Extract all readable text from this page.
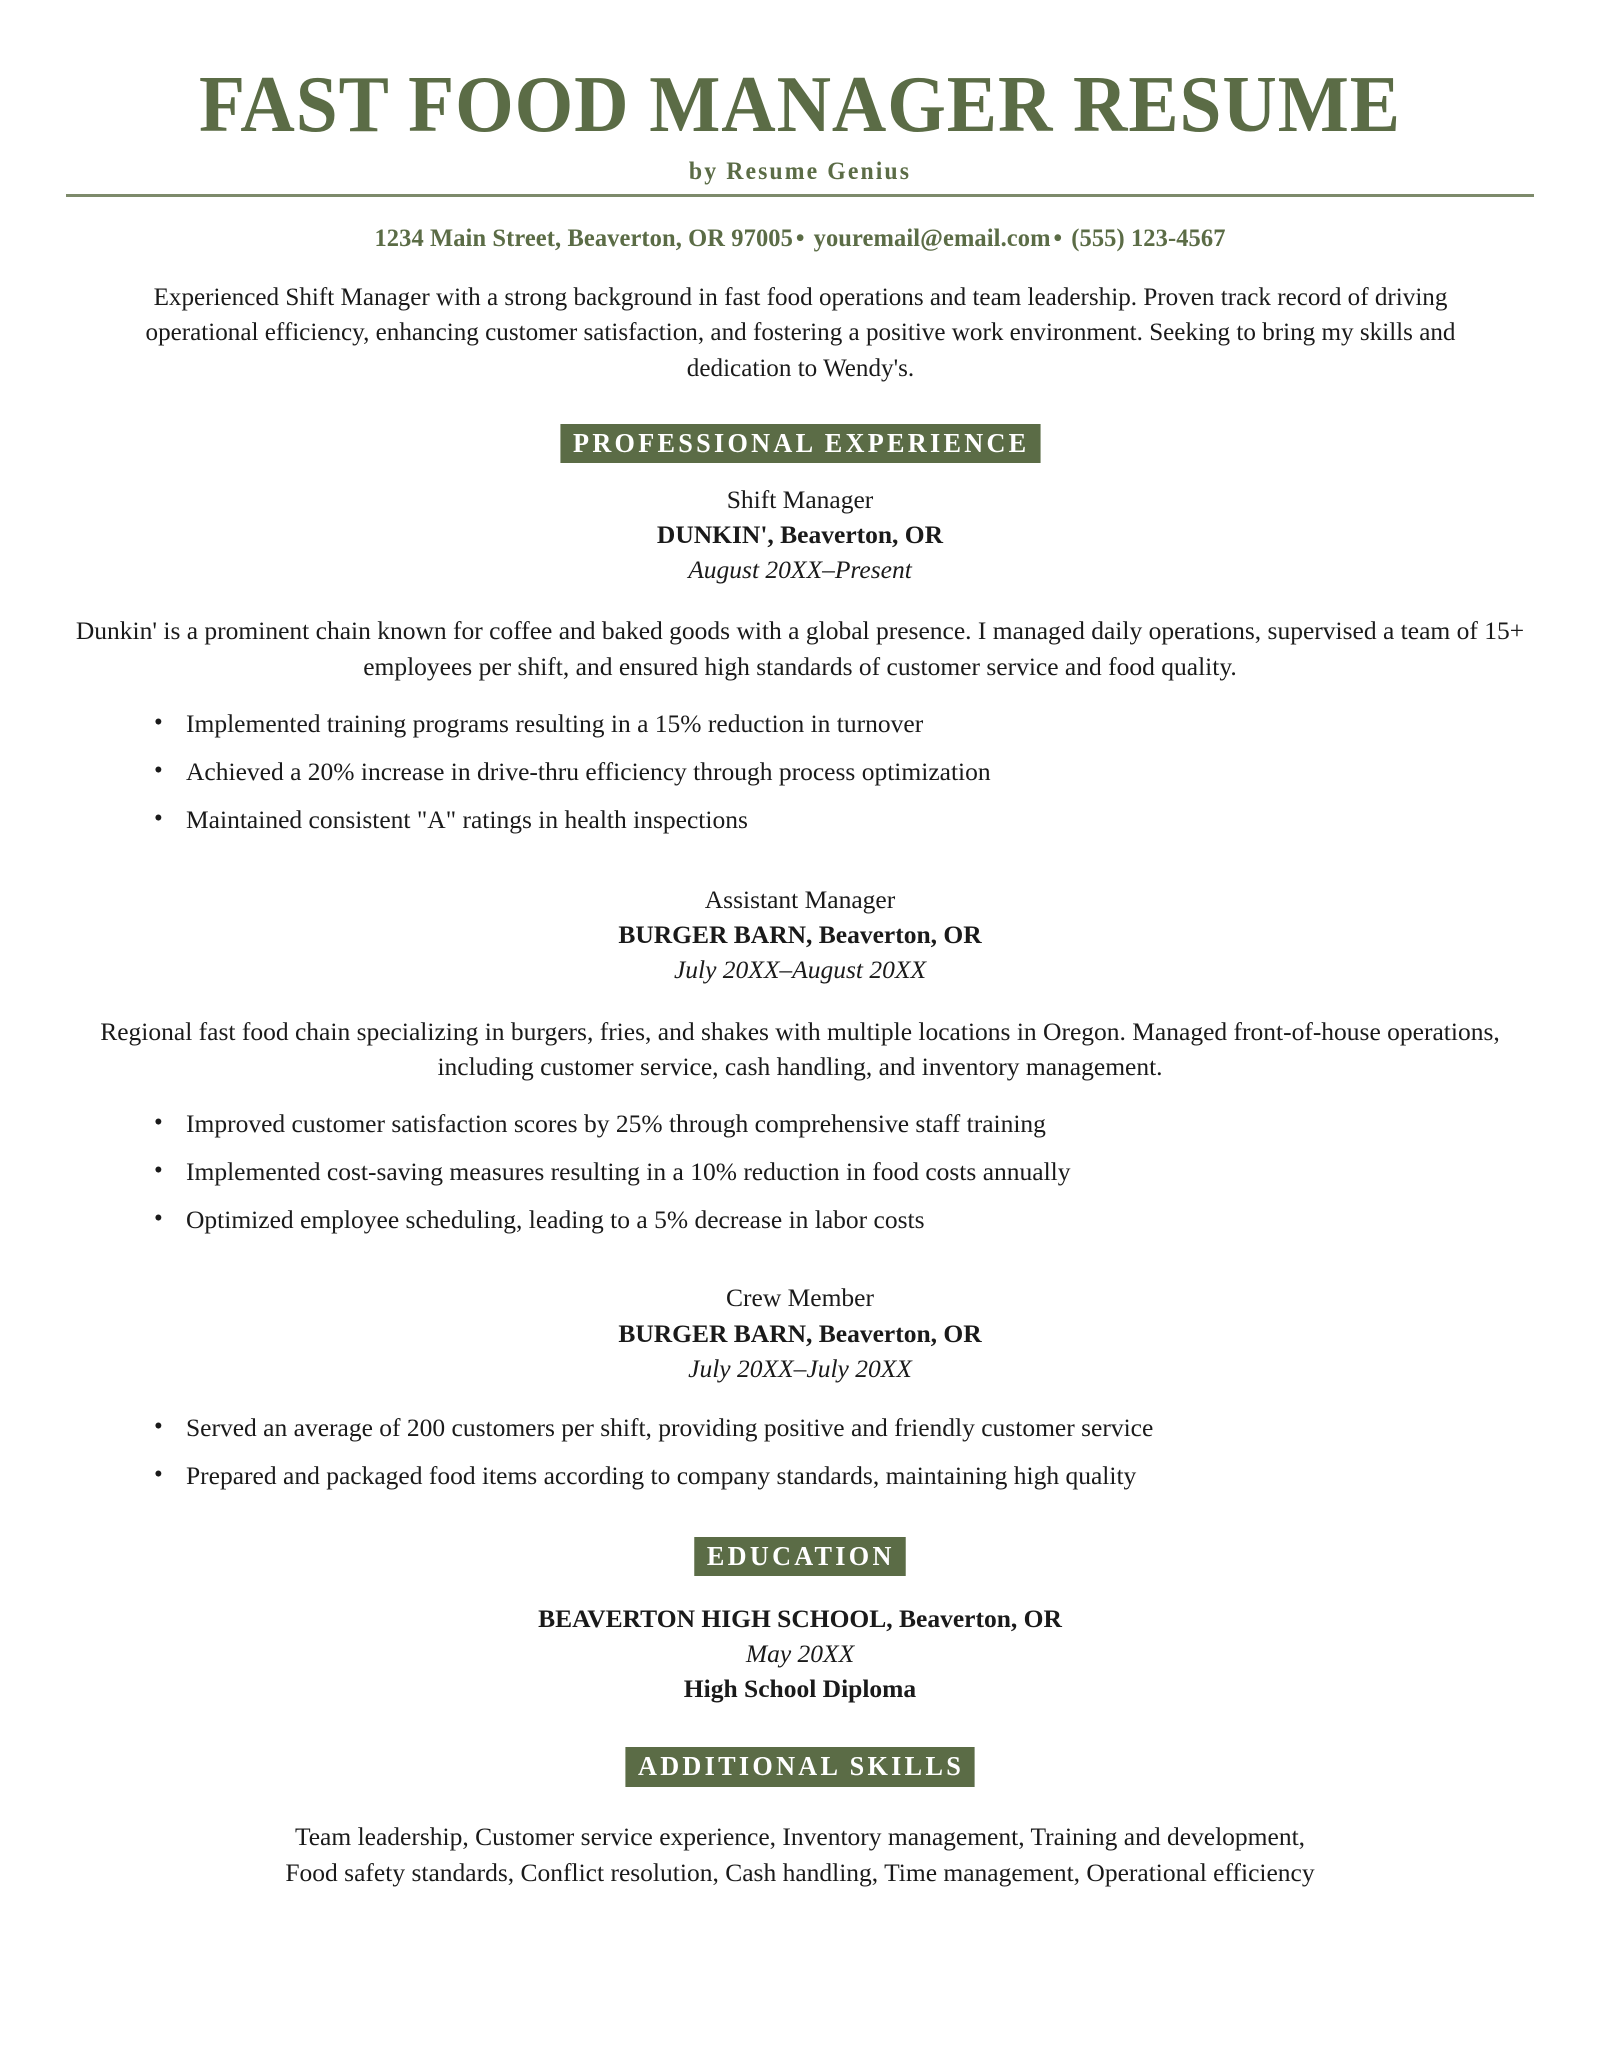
FAST FOOD MANAGER RESUME
by Resume Genius
1234 Main Street, Beaverton, OR 97005 • youremail@email.com • (555) 123-4567
Experienced Shift Manager with a strong background in fast food operations and team leadership. Proven track record of driving operational efficiency, enhancing customer satisfaction, and fostering a positive work environment. Seeking to bring my skills and dedication to Wendy's.
PROFESSIONAL EXPERIENCE
Shift Manager
DUNKIN', Beaverton, OR
August 20XX–Present
Dunkin' is a prominent chain known for coffee and baked goods with a global presence. I managed daily operations, supervised a team of 15+ employees per shift, and ensured high standards of customer service and food quality.
• Implemented training programs resulting in a 15% reduction in turnover
• Achieved a 20% increase in drive-thru efficiency through process optimization
• Maintained consistent "A" ratings in health inspections
Assistant Manager
BURGER BARN, Beaverton, OR
July 20XX–August 20XX
Regional fast food chain specializing in burgers, fries, and shakes with multiple locations in Oregon. Managed front-of-house operations, including customer service, cash handling, and inventory management.
• Improved customer satisfaction scores by 25% through comprehensive staff training
• Implemented cost-saving measures resulting in a 10% reduction in food costs annually
• Optimized employee scheduling, leading to a 5% decrease in labor costs
Crew Member
BURGER BARN, Beaverton, OR
July 20XX–July 20XX
• Served an average of 200 customers per shift, providing positive and friendly customer service
• Prepared and packaged food items according to company standards, maintaining high quality
EDUCATION
BEAVERTON HIGH SCHOOL, Beaverton, OR
May 20XX
High School Diploma
ADDITIONAL SKILLS
Team leadership, Customer service experience, Inventory management, Training and development,
Food safety standards, Conflict resolution, Cash handling, Time management, Operational efficiency
